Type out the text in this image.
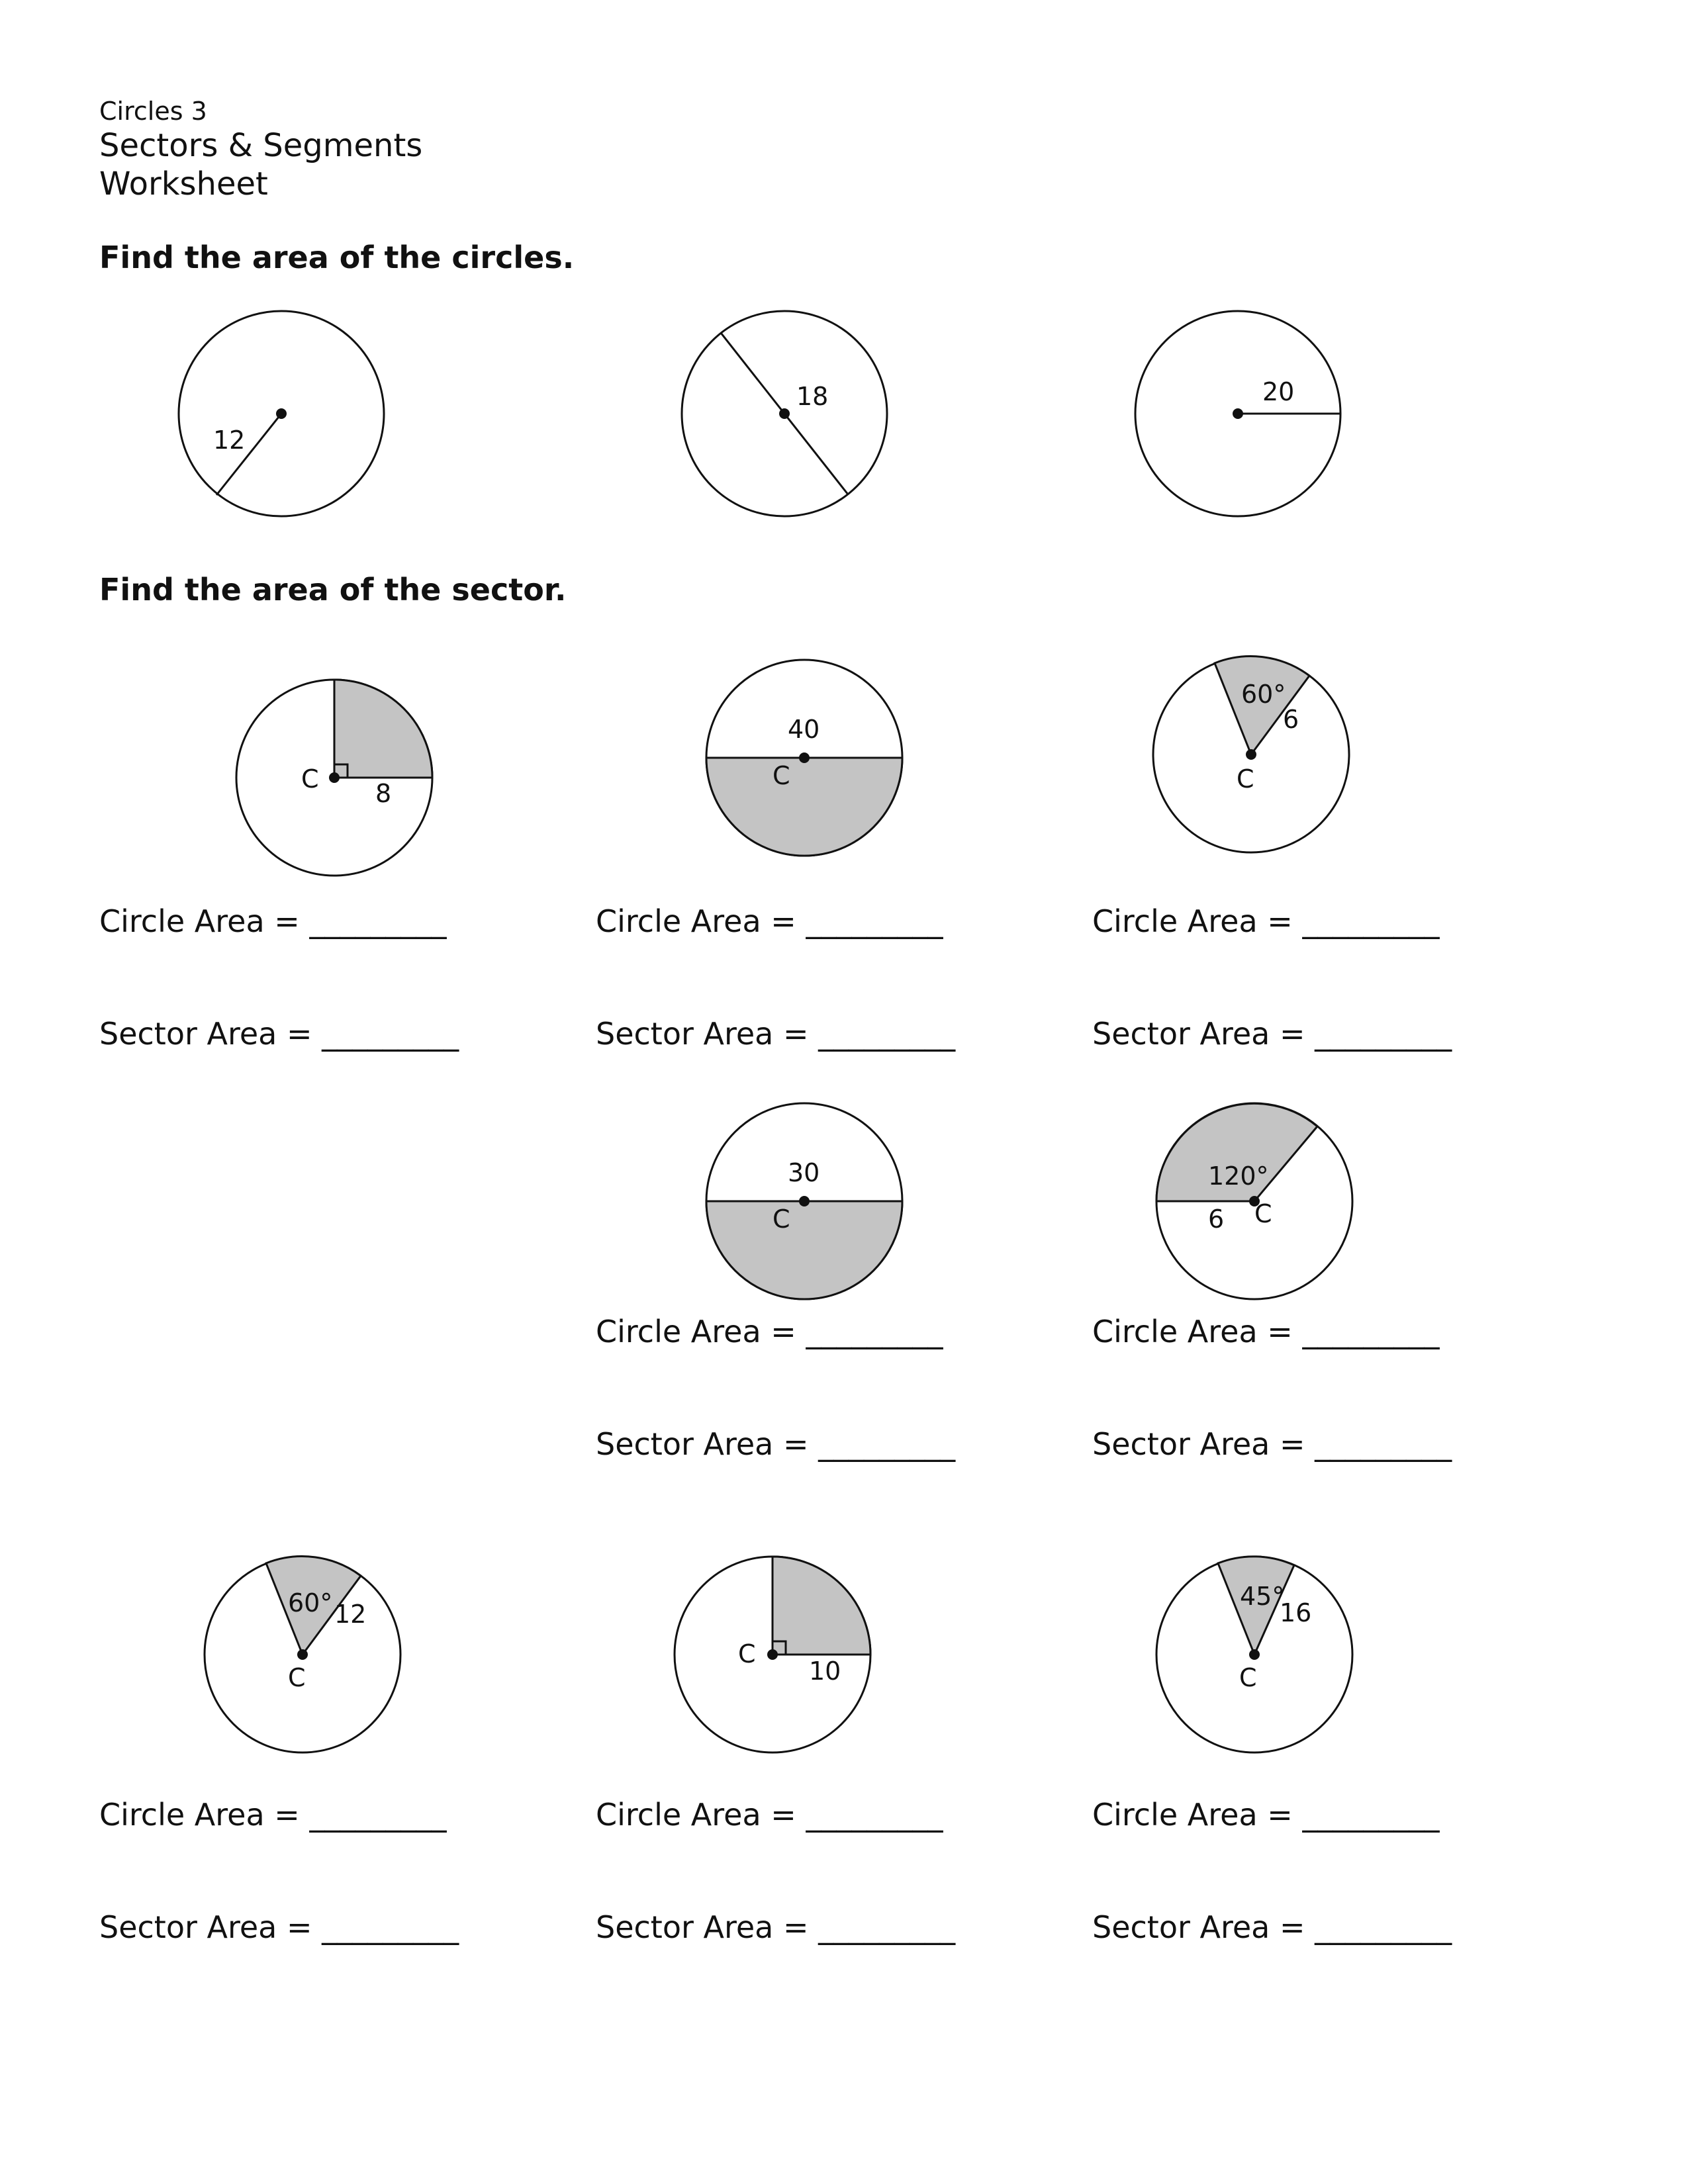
Circles 3
Sectors & Segments
Worksheet
Find the area of the circles.
Find the area of the sector.
12
18	20
C 8
40
C
60°
6
C
30
C
120°
6 C
60° 12
C
C
10
45°
16
C
Circle Area = _________
Sector Area = _________
Circle Area = _________
Sector Area = _________
Circle Area = _________
Sector Area = _________
Circle Area = _________
Sector Area = _________
Circle Area = _________
Sector Area = _________
Circle Area = _________
Sector Area = _________
Circle Area = _________
Sector Area = _________
Circle Area = _________
Sector Area = _________
